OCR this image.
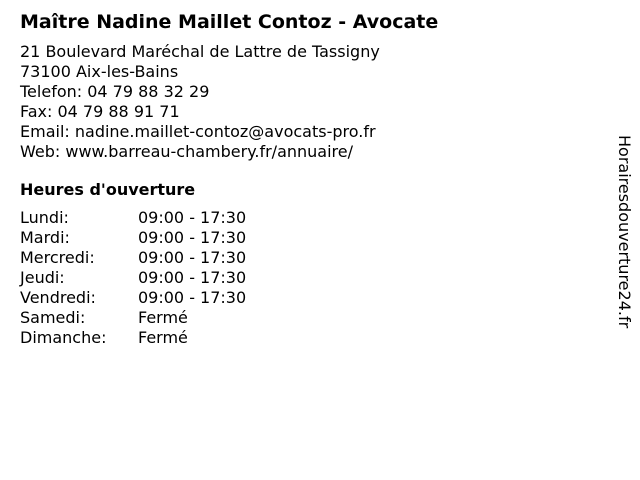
Maître Nadine Maillet Contoz - Avocate
21 Boulevard Maréchal de Lattre de Tassigny
73100 Aix-les-Bains
Telefon: 04 79 88 32 29
Fax: 04 79 88 91 71
Email: nadine.maillet-contoz@avocats-pro.fr
Web: www.barreau-chambery.fr/annuaire/
Heures d'ouverture
Lundi:	09:00 - 17:30
Mardi:	09:00 - 17:30
Mercredi:	09:00 - 17:30
Jeudi:	09:00 - 17:30
Vendredi:	09:00 - 17:30
Samedi:	Fermé
Dimanche: Fermé
Horairesdouverture24.fr
